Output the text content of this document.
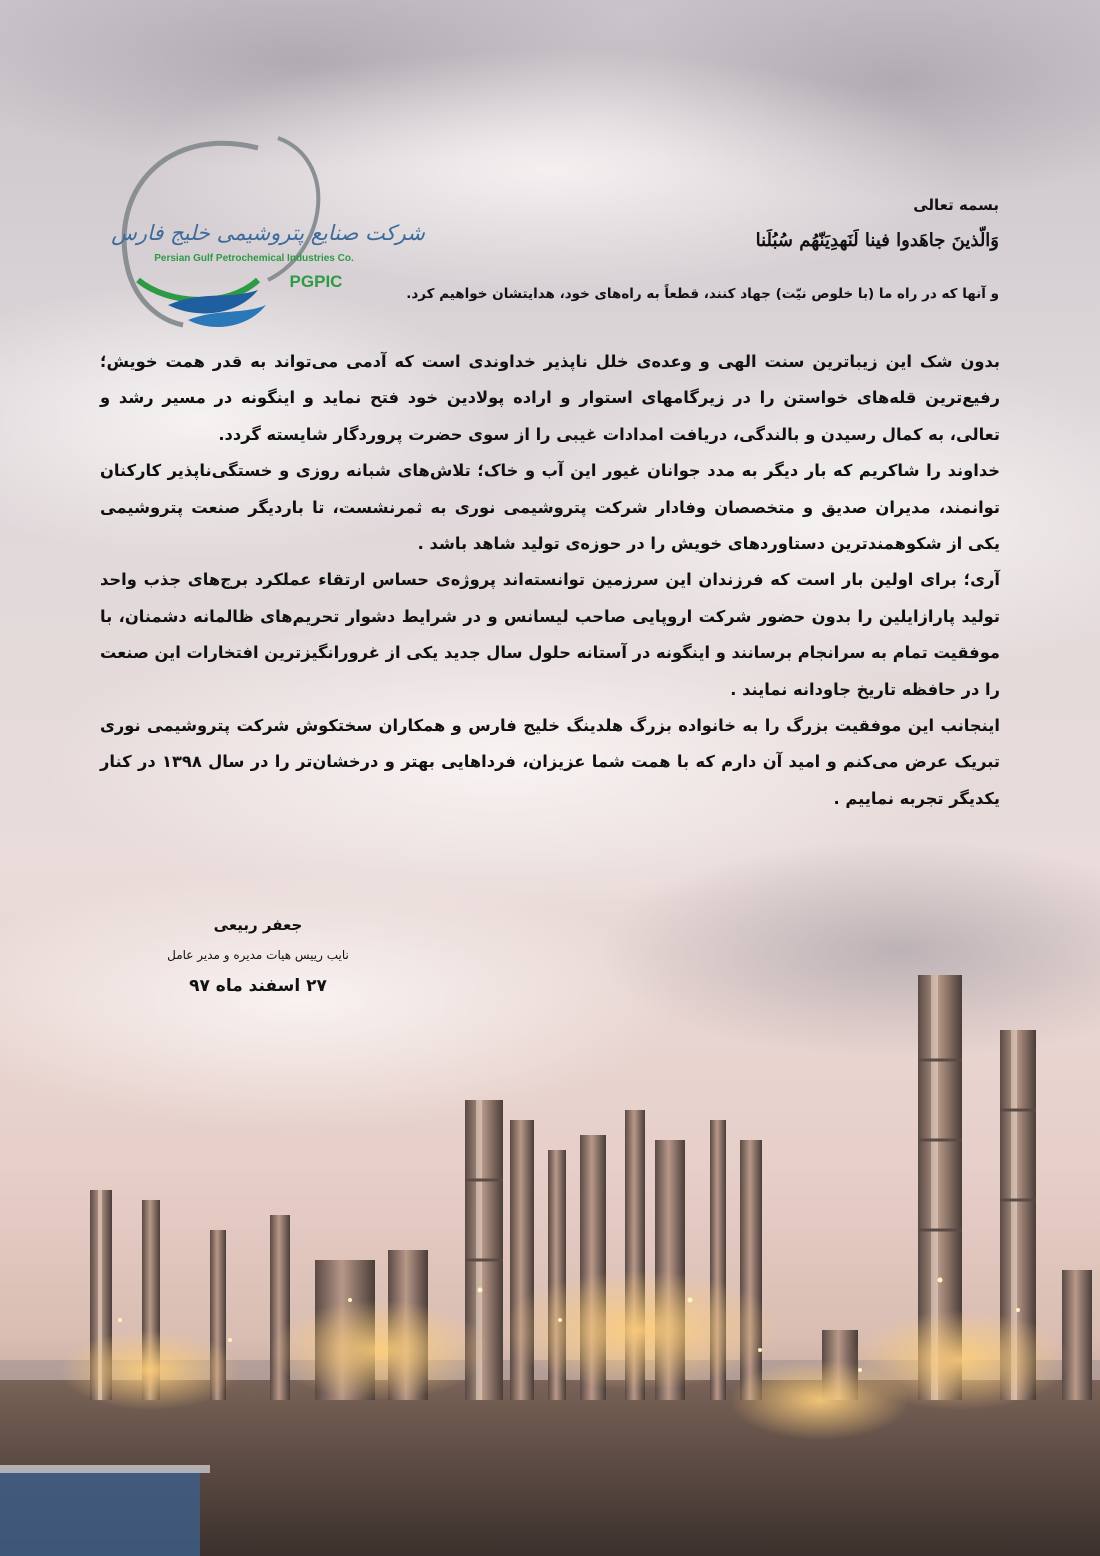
شرکت صنایع پتروشیمی خلیج فارس
Persian Gulf Petrochemical Industries Co.
PGPIC
بسمه تعالی
وَالّذینَ جاهَدوا فینا لَنَهدِیَنّهُم سُبُلَنا
و آنها که در راه ما (با خلوص نیّت) جهاد کنند، قطعاً به راه‌های خود، هدایتشان خواهیم کرد.

بدون شک این زیباترین سنت الهی و وعده‌ی خلل ناپذیر خداوندی است که آدمی می‌تواند به قدر همت خویش؛ رفیع‌ترین قله‌های خواستن را در زیرگامهای استوار و اراده پولادین خود فتح نماید و اینگونه در مسیر رشد و تعالی، به کمال رسیدن و بالندگی، دریافت امدادات غیبی را از سوی حضرت پروردگار شایسته گردد.

خداوند را شاکریم که بار دیگر به مدد جوانان غیور این آب و خاک؛ تلاش‌های شبانه روزی و خستگی‌ناپذیر کارکنان توانمند، مدیران صدیق و متخصصان وفادار شرکت پتروشیمی نوری به ثمرنشست، تا باردیگر صنعت پتروشیمی یکی از شکوهمندترین دستاوردهای خویش را در حوزه‌ی تولید شاهد باشد .

آری؛ برای اولین بار است که فرزندان این سرزمین توانسته‌اند پروژه‌ی حساس ارتقاء عملکرد برج‌های جذب واحد تولید پارازایلین را بدون حضور شرکت اروپایی صاحب لیسانس و در شرایط دشوار تحریم‌های ظالمانه دشمنان، با موفقیت تمام به سرانجام برسانند و اینگونه در آستانه حلول سال جدید یکی از غرورانگیزترین افتخارات این صنعت را در حافظه تاریخ جاودانه نمایند .

اینجانب این موفقیت بزرگ را به خانواده بزرگ هلدینگ خلیج فارس و همکاران سختکوش شرکت پتروشیمی نوری تبریک عرض می‌کنم و امید آن دارم که با همت شما عزیزان، فرداهایی بهتر و درخشان‌تر را در سال ۱۳۹۸ در کنار یکدیگر تجربه نماییم .

جعفر ربیعی
نایب رییس هیات مدیره و مدیر عامل
۲۷ اسفند ماه ۹۷
